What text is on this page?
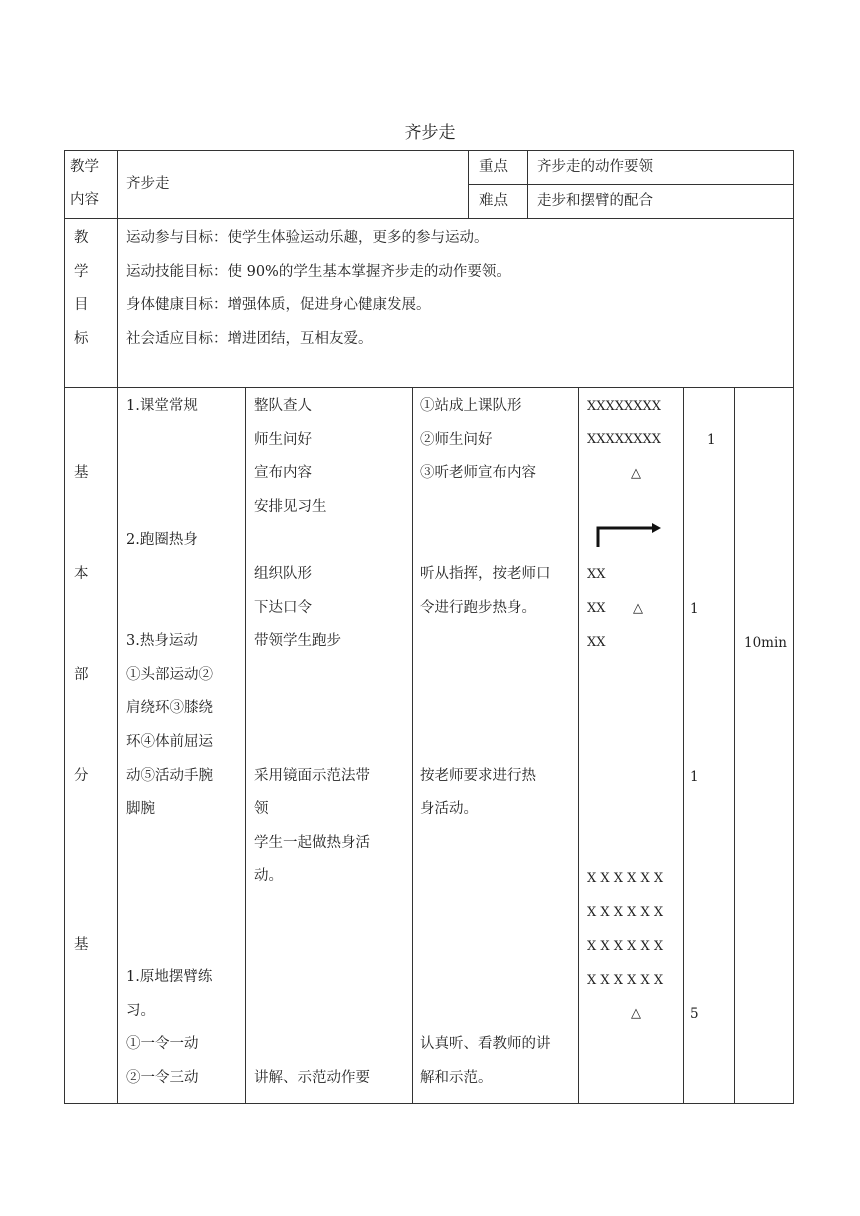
齐步走
教学
内容
齐步走
重点 齐步走的动作要领
难点 走步和摆臂的配合
教
学
目
标
运动参与目标：使学生体验运动乐趣，更多的参与运动。
运动技能目标：使 90%的学生基本掌握齐步走的动作要领。
身体健康目标：增强体质，促进身心健康发展。
社会适应目标：增进团结，互相友爱。
基
本
部
分
基
1.课堂常规
2.跑圈热身
3.热身运动
①头部运动②
肩绕环③膝绕
环④体前屈运
动⑤活动手腕
脚腕
1.原地摆臂练
习。
①一令一动
②一令三动
整队查人
师生问好
宣布内容
安排见习生
组织队形
下达口令
带领学生跑步
采用镜面示范法带
领
学生一起做热身活
动。
讲解、示范动作要
①站成上课队形
②师生问好
③听老师宣布内容
听从指挥，按老师口
令进行跑步热身。
按老师要求进行热
身活动。
认真听、看教师的讲
解和示范。
XXXXXXXX
XXXXXXXX
△
XX
XX △
XX
X X X X X X
X X X X X X
X X X X X X
X X X X X X
△
1
1
1
5
10min
